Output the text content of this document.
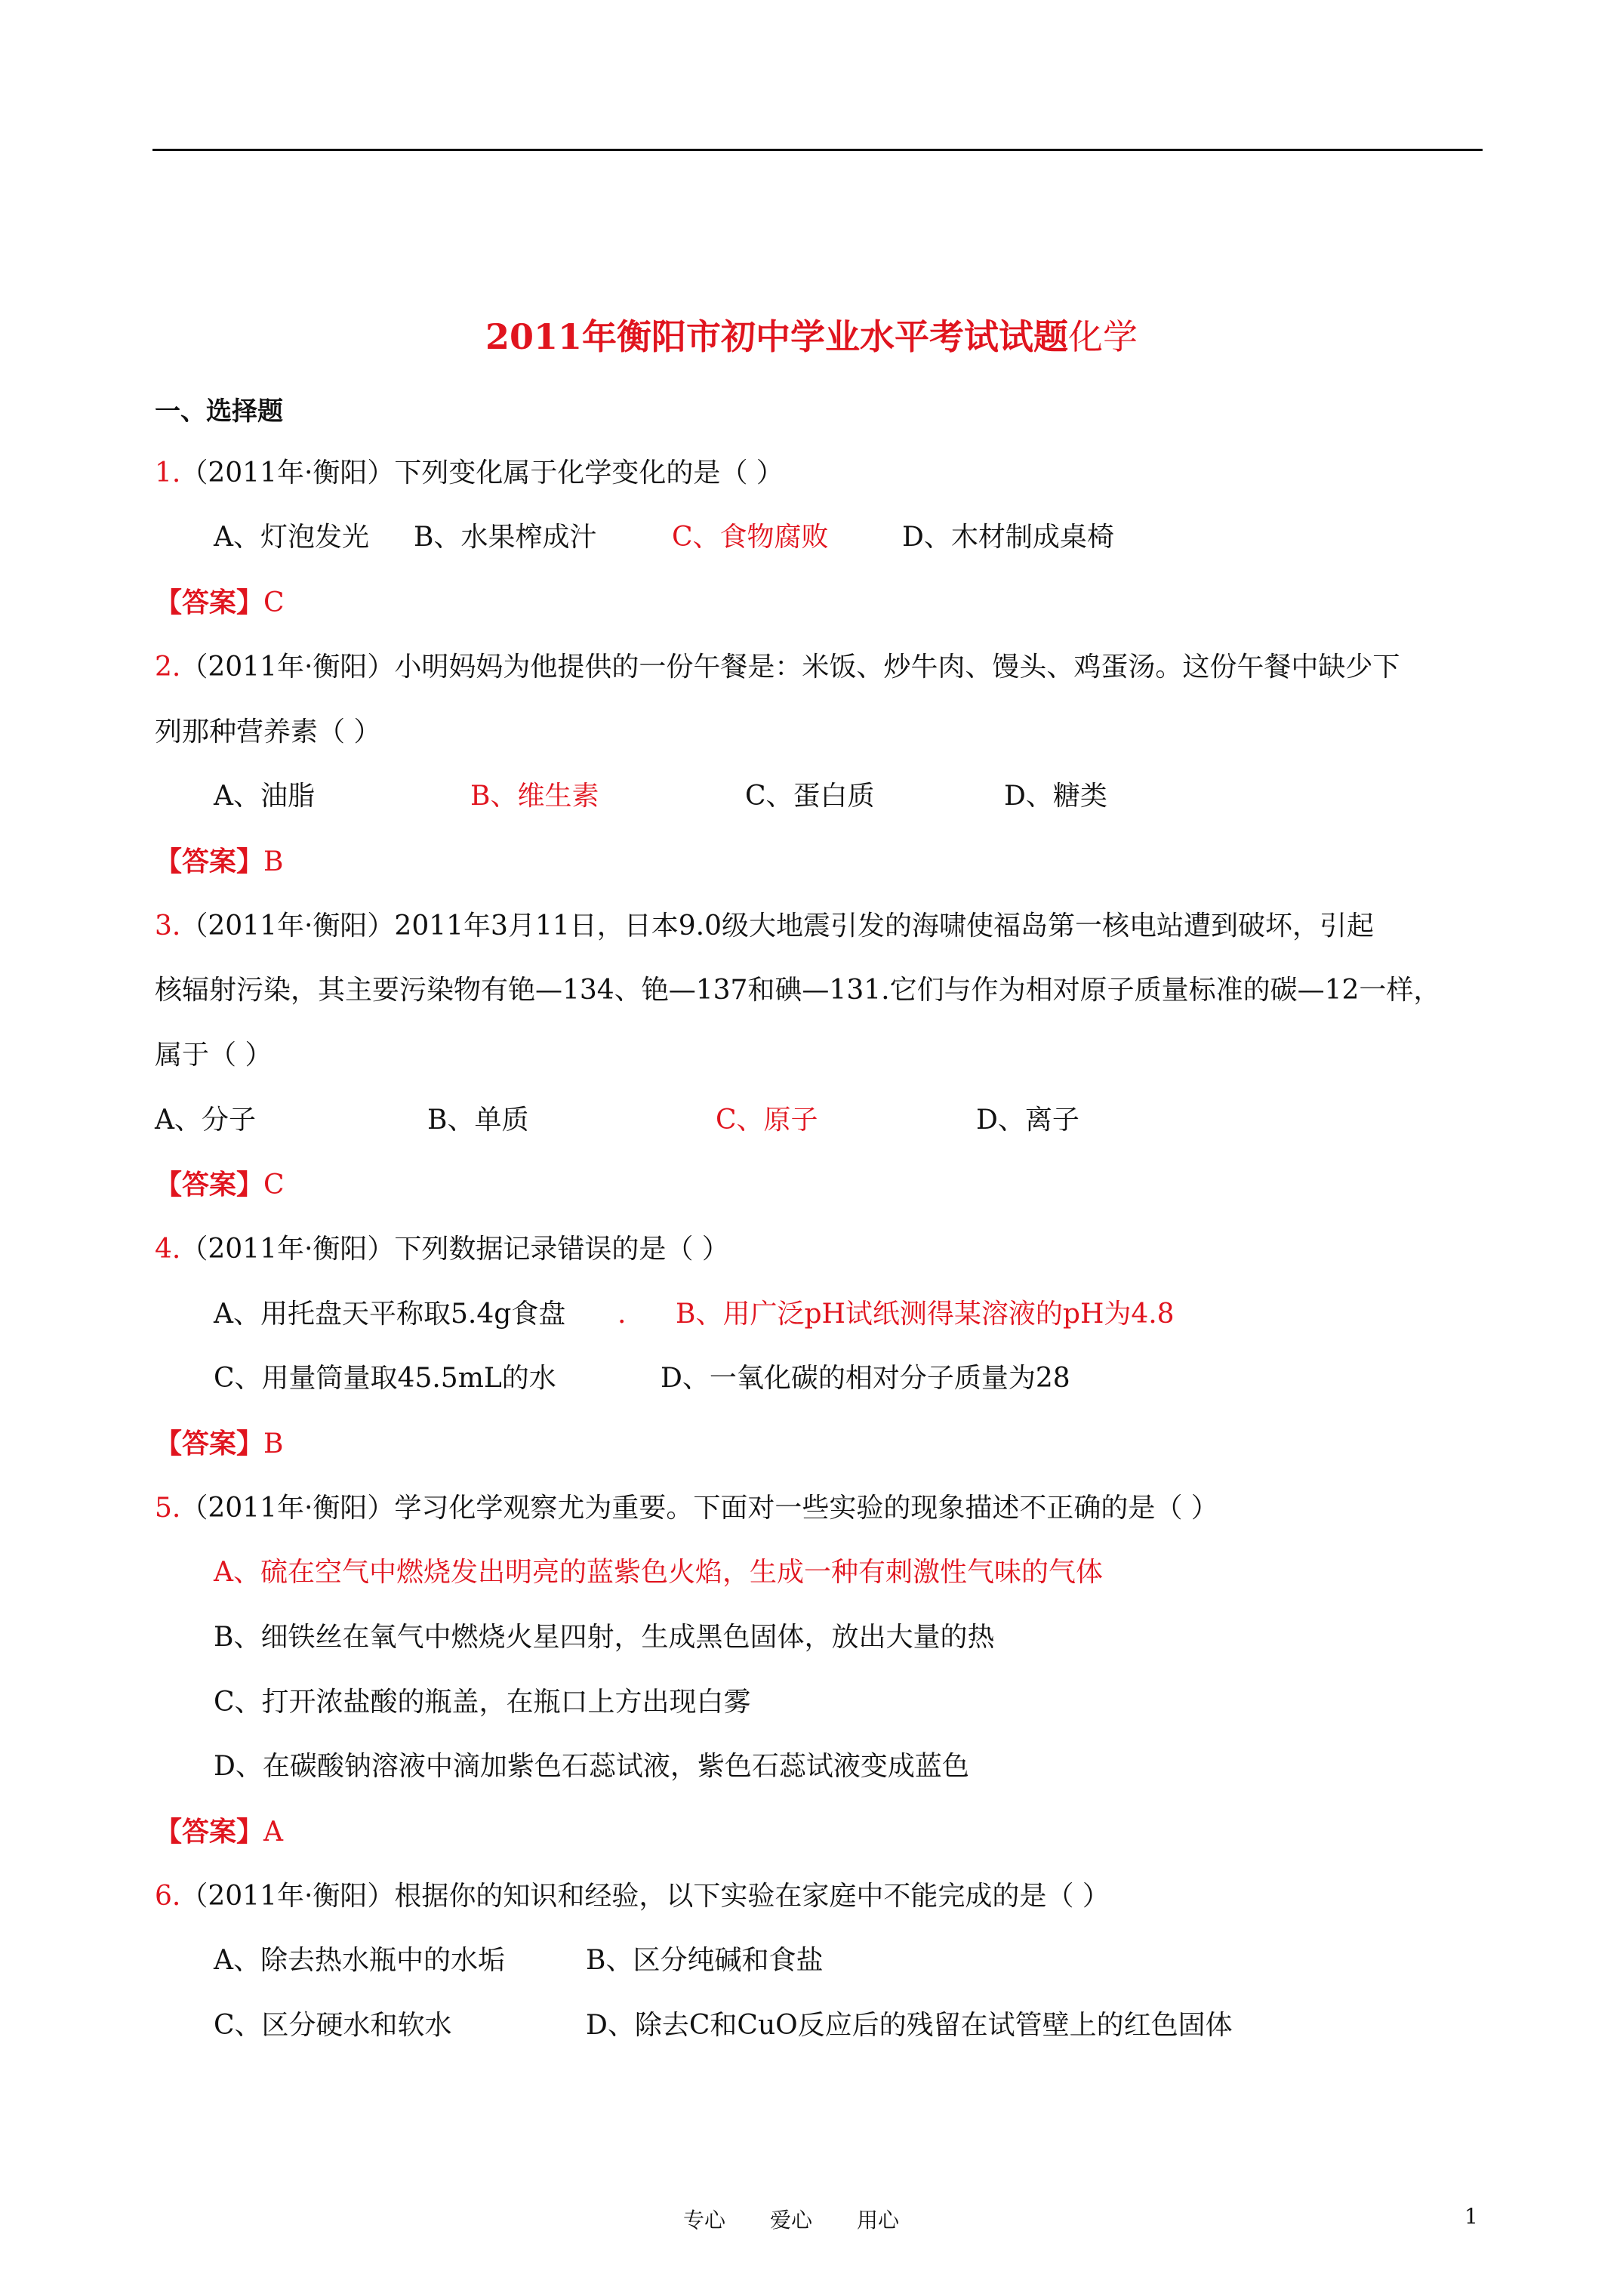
2011年衡阳市初中学业水平考试试题化学
一、选择题
1.（2011年·衡阳）下列变化属于化学变化的是（ ）
A、灯泡发光 B、水果榨成汁	C、食物腐败	D、木材制成桌椅
【答案】C
2.（2011年·衡阳）小明妈妈为他提供的一份午餐是：米饭、炒牛肉、馒头、鸡蛋汤。这份午餐中缺少下
列那种营养素（ ）
A、油脂	B、维生素	C、蛋白质	D、糖类
【答案】B
3.（2011年·衡阳）2011年3月11日，日本9.0级大地震引发的海啸使福岛第一核电站遭到破坏，引起
核辐射污染，其主要污染物有铯—134、铯—137和碘—131.它们与作为相对原子质量标准的碳—12一样，
属于（ ）
A、分子	B、单质	C、原子	D、离子
【答案】C
4.（2011年·衡阳）下列数据记录错误的是（ ）
A、用托盘天平称取5.4g食盘 . B、用广泛pH试纸测得某溶液的pH为4.8
C、用量筒量取45.5mL的水	D、一氧化碳的相对分子质量为28
【答案】B
5.（2011年·衡阳）学习化学观察尤为重要。下面对一些实验的现象描述不正确的是（ ）
A、硫在空气中燃烧发出明亮的蓝紫色火焰，生成一种有刺激性气味的气体
B、细铁丝在氧气中燃烧火星四射，生成黑色固体，放出大量的热
C、打开浓盐酸的瓶盖，在瓶口上方出现白雾
D、在碳酸钠溶液中滴加紫色石蕊试液，紫色石蕊试液变成蓝色
【答案】A
6.（2011年·衡阳）根据你的知识和经验，以下实验在家庭中不能完成的是（ ）
A、除去热水瓶中的水垢	B、区分纯碱和食盐
C、区分硬水和软水	D、除去C和CuO反应后的残留在试管壁上的红色固体
专心 爱心 用心	1
